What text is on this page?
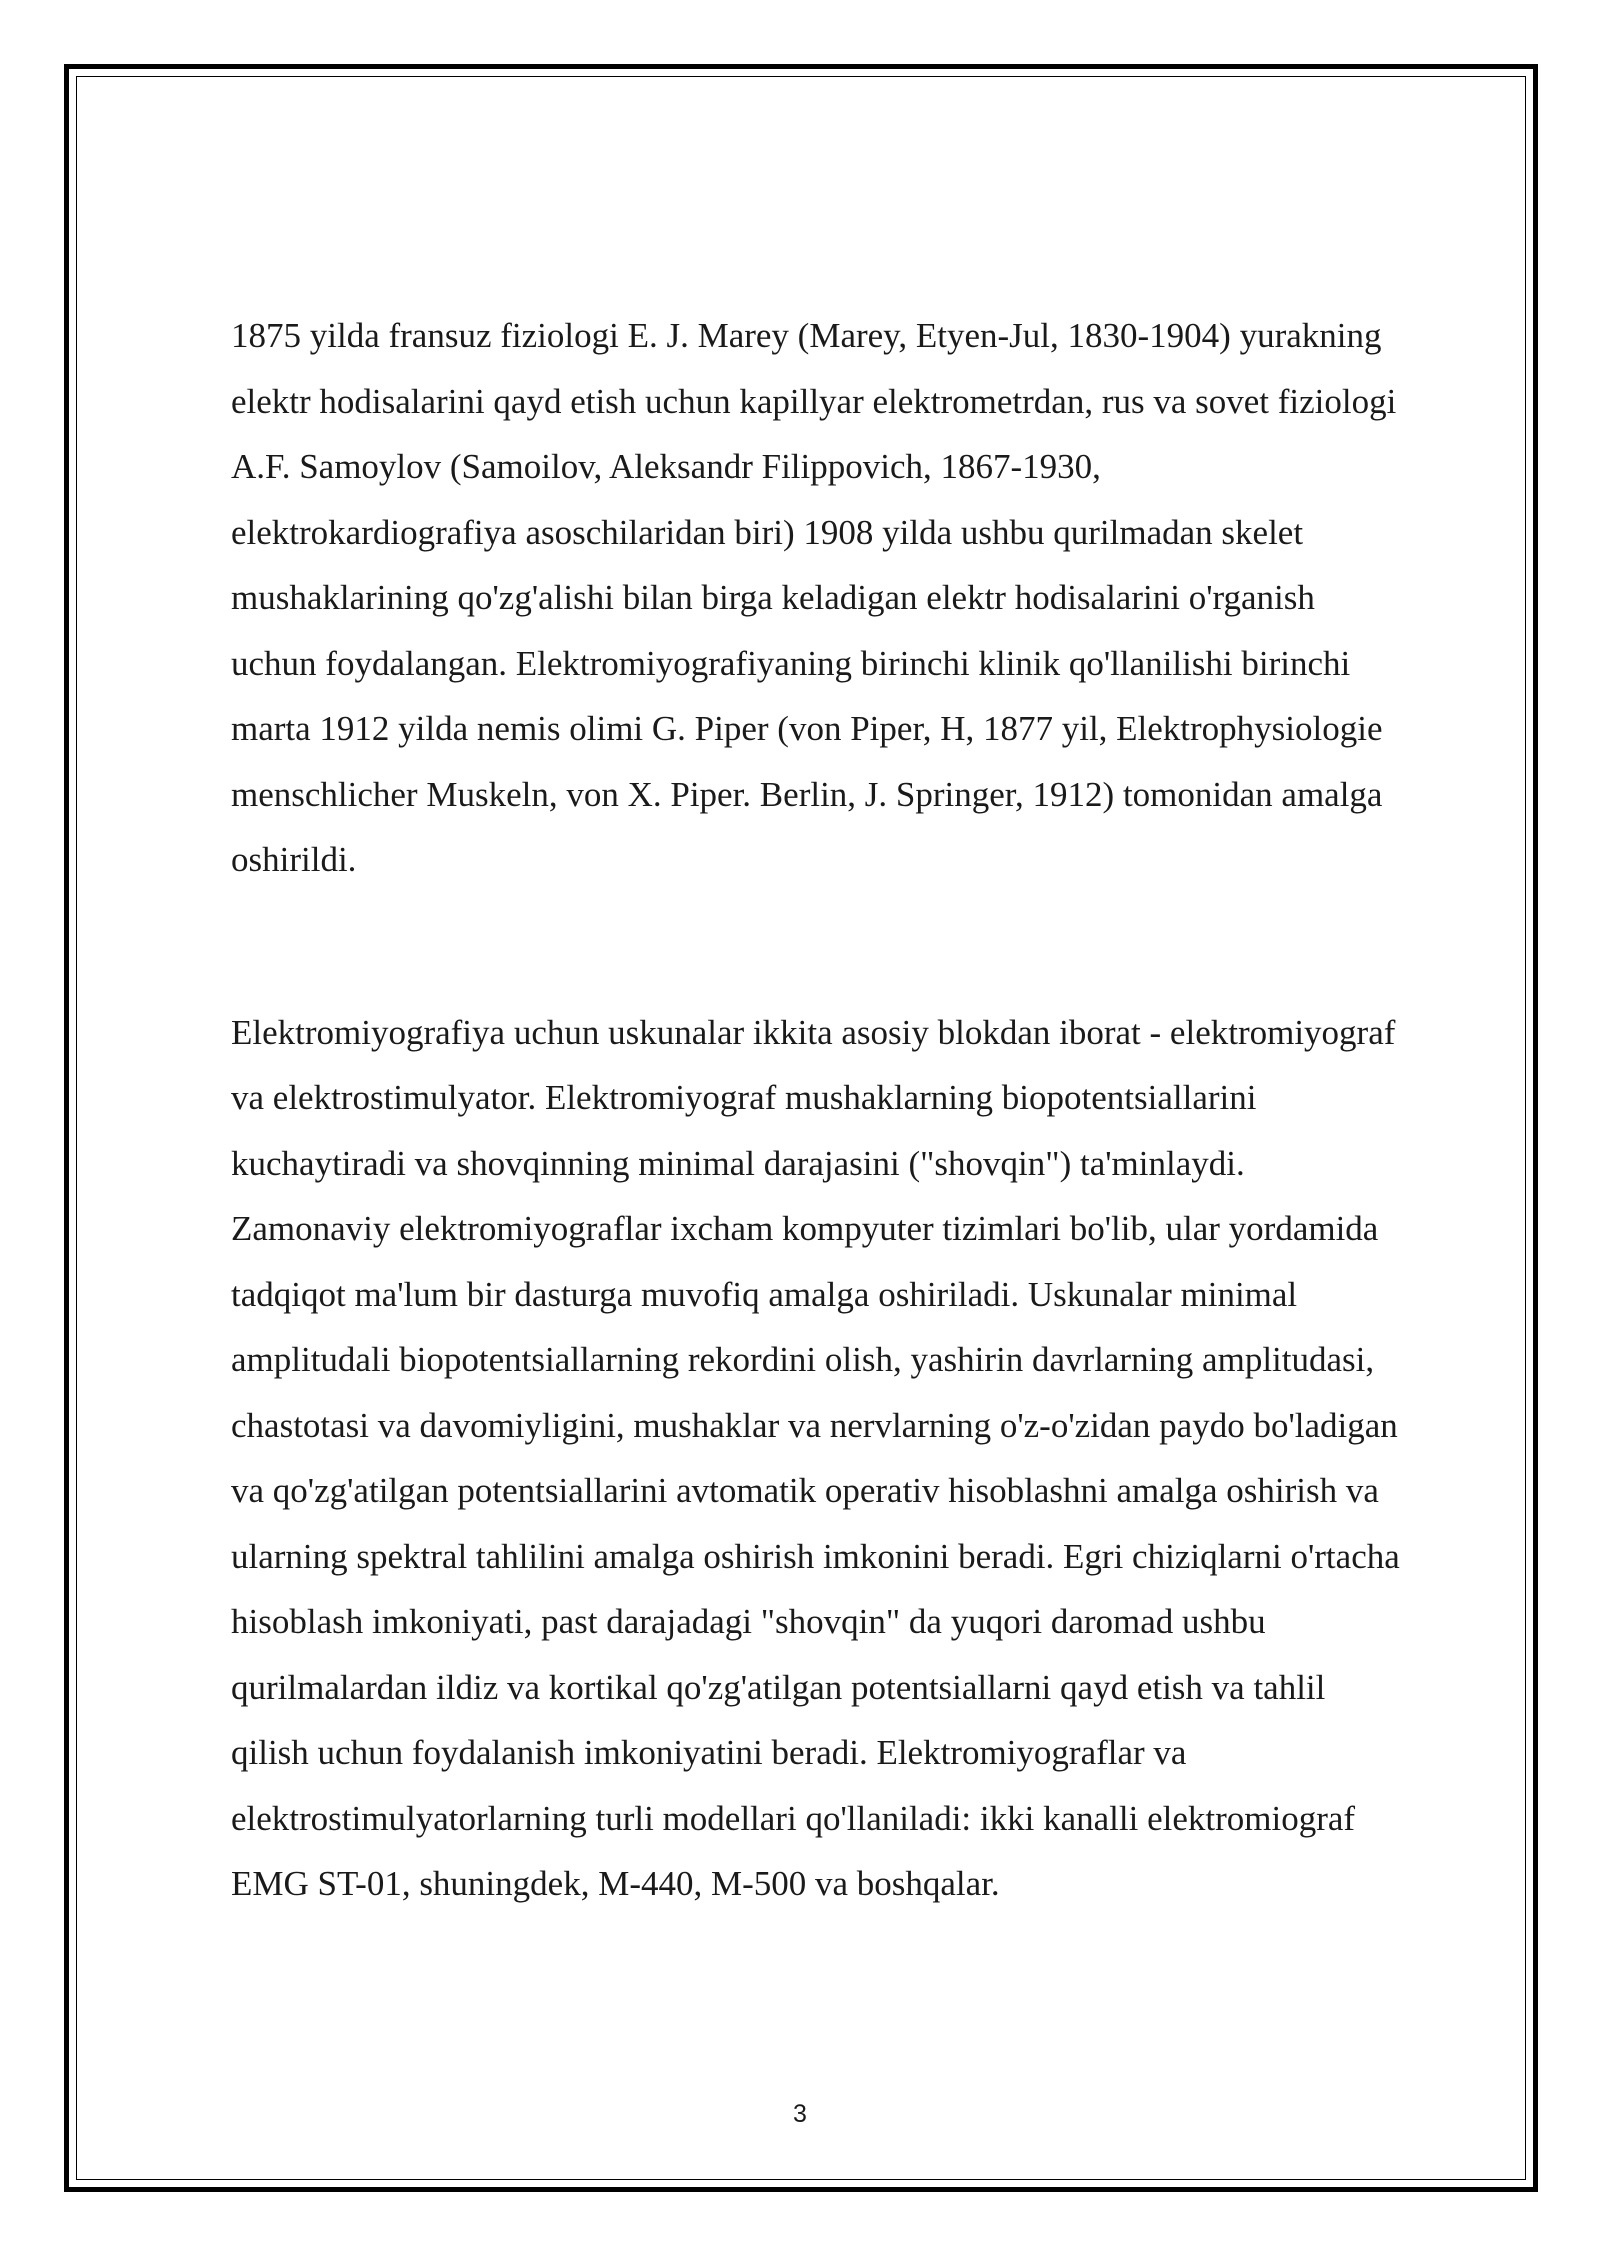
1875 yilda fransuz fiziologi E. J. Marey (Marey, Etyen-Jul, 1830-1904) yurakning
elektr hodisalarini qayd etish uchun kapillyar elektrometrdan, rus va sovet fiziologi
A.F. Samoylov (Samoilov, Aleksandr Filippovich, 1867-1930,
elektrokardiografiya asoschilaridan biri) 1908 yilda ushbu qurilmadan skelet
mushaklarining qo'zg'alishi bilan birga keladigan elektr hodisalarini o'rganish
uchun foydalangan. Elektromiyografiyaning birinchi klinik qo'llanilishi birinchi
marta 1912 yilda nemis olimi G. Piper (von Piper, H, 1877 yil, Elektrophysiologie
menschlicher Muskeln, von X. Piper. Berlin, J. Springer, 1912) tomonidan amalga
oshirildi.

Elektromiyografiya uchun uskunalar ikkita asosiy blokdan iborat - elektromiyograf
va elektrostimulyator. Elektromiyograf mushaklarning biopotentsiallarini
kuchaytiradi va shovqinning minimal darajasini ("shovqin") ta'minlaydi.
Zamonaviy elektromiyograflar ixcham kompyuter tizimlari bo'lib, ular yordamida
tadqiqot ma'lum bir dasturga muvofiq amalga oshiriladi. Uskunalar minimal
amplitudali biopotentsiallarning rekordini olish, yashirin davrlarning amplitudasi,
chastotasi va davomiyligini, mushaklar va nervlarning o'z-o'zidan paydo bo'ladigan
va qo'zg'atilgan potentsiallarini avtomatik operativ hisoblashni amalga oshirish va
ularning spektral tahlilini amalga oshirish imkonini beradi. Egri chiziqlarni o'rtacha
hisoblash imkoniyati, past darajadagi "shovqin" da yuqori daromad ushbu
qurilmalardan ildiz va kortikal qo'zg'atilgan potentsiallarni qayd etish va tahlil
qilish uchun foydalanish imkoniyatini beradi. Elektromiyograflar va
elektrostimulyatorlarning turli modellari qo'llaniladi: ikki kanalli elektromiograf
EMG ST-01, shuningdek, M-440, M-500 va boshqalar.

3
